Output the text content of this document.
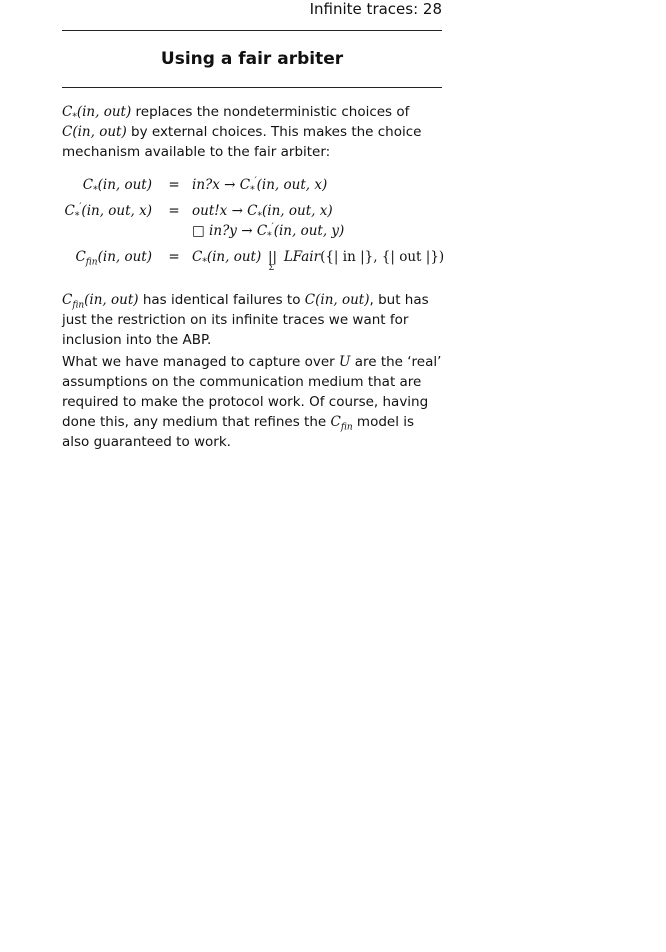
Infinite traces: 28
Using a fair arbiter
$C_*(in$, out) replaces the nondeterministic choices of C(in, out) by external choices. This makes the choice mechanism available to the fair arbiter:
$C_*(in$, out) = in?x → $C_*'(in$, out, x)
$C_*'(in$, out, $x) = out!x \to C_*(in$, out, x)
□ in?y → $C_*'(in$, out, y)
$C_{fin}(in$, $out) = C_*(in$, out) ||
Σ
LFair({| in |}, {| out |})
$C_{fin}(in$, out) has identical failures to C(in, out), but has just the restriction on its infinite traces we want for inclusion into the ABP.
What we have managed to capture over U are the ‘real’ assumptions on the communication medium that are required to make the protocol work. Of course, having done this, any medium that refines the $C_{fin}$ model is also guaranteed to work.
